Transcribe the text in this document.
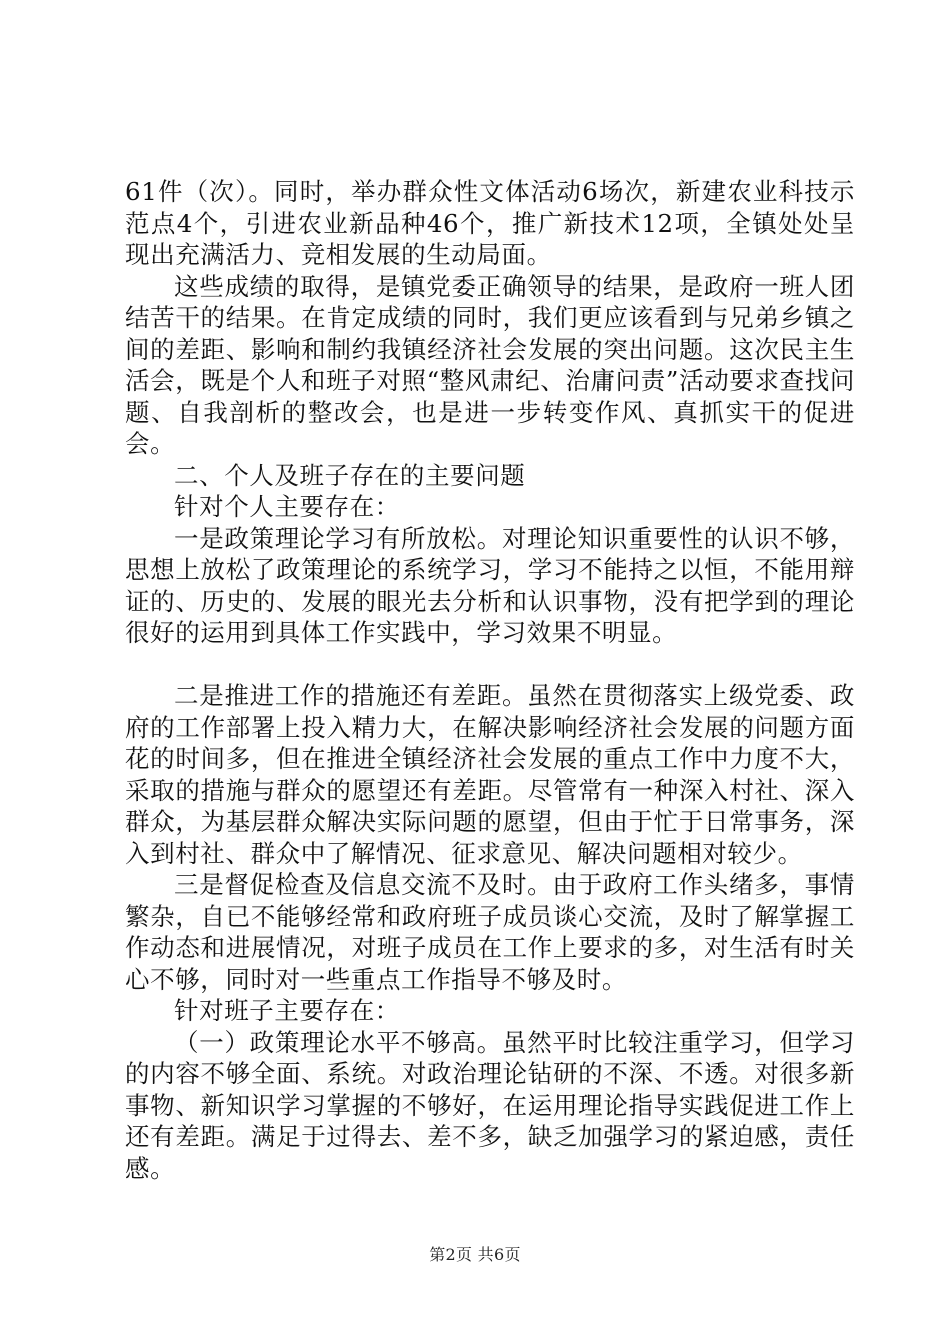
61件（次）。同时，举办群众性文体活动6场次，新建农业科技示范点4个，引进农业新品种46个，推广新技术12项，全镇处处呈现出充满活力、竞相发展的生动局面。

这些成绩的取得，是镇党委正确领导的结果，是政府一班人团结苦干的结果。在肯定成绩的同时，我们更应该看到与兄弟乡镇之间的差距、影响和制约我镇经济社会发展的突出问题。这次民主生活会，既是个人和班子对照“整风肃纪、治庸问责”活动要求查找问题、自我剖析的整改会，也是进一步转变作风、真抓实干的促进会。

二、个人及班子存在的主要问题

针对个人主要存在：

一是政策理论学习有所放松。对理论知识重要性的认识不够，思想上放松了政策理论的系统学习，学习不能持之以恒，不能用辩证的、历史的、发展的眼光去分析和认识事物，没有把学到的理论很好的运用到具体工作实践中，学习效果不明显。

二是推进工作的措施还有差距。虽然在贯彻落实上级党委、政府的工作部署上投入精力大，在解决影响经济社会发展的问题方面花的时间多，但在推进全镇经济社会发展的重点工作中力度不大，采取的措施与群众的愿望还有差距。尽管常有一种深入村社、深入群众，为基层群众解决实际问题的愿望，但由于忙于日常事务，深入到村社、群众中了解情况、征求意见、解决问题相对较少。

三是督促检查及信息交流不及时。由于政府工作头绪多，事情繁杂，自已不能够经常和政府班子成员谈心交流，及时了解掌握工作动态和进展情况，对班子成员在工作上要求的多，对生活有时关心不够，同时对一些重点工作指导不够及时。

针对班子主要存在：

（一）政策理论水平不够高。虽然平时比较注重学习，但学习的内容不够全面、系统。对政治理论钻研的不深、不透。对很多新事物、新知识学习掌握的不够好，在运用理论指导实践促进工作上还有差距。满足于过得去、差不多，缺乏加强学习的紧迫感，责任感。

第2页 共6页
